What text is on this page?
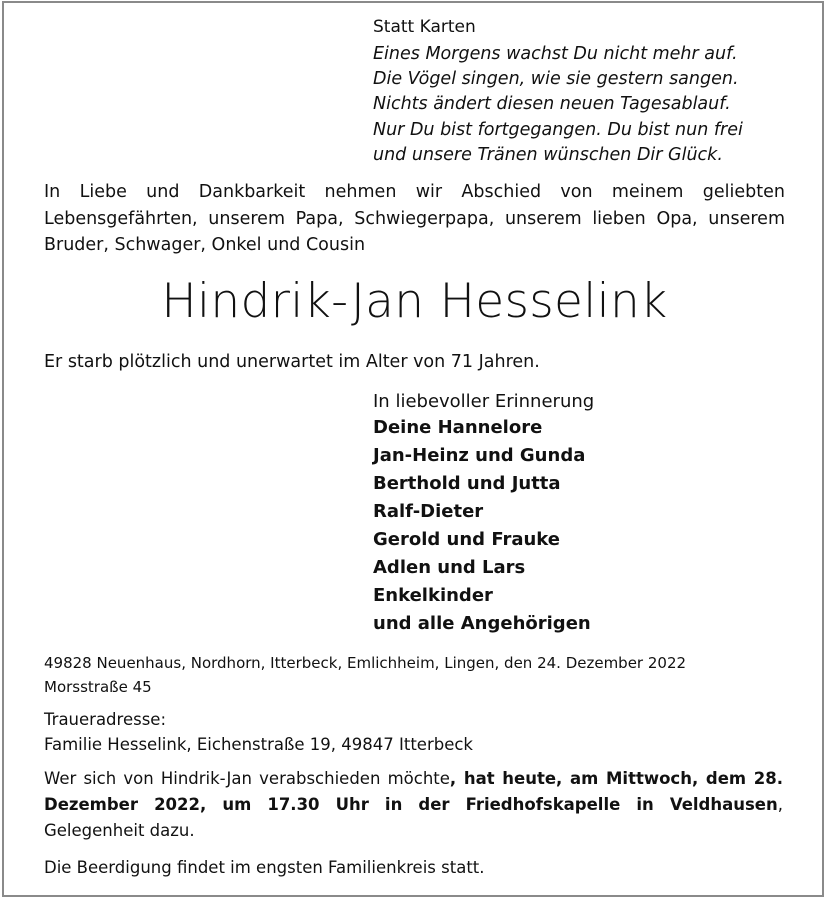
Statt Karten
Eines Morgens wachst Du nicht mehr auf.
Die Vögel singen, wie sie gestern sangen.
Nichts ändert diesen neuen Tagesablauf.
Nur Du bist fortgegangen. Du bist nun frei
und unsere Tränen wünschen Dir Glück.
In Liebe und Dankbarkeit nehmen wir Abschied von meinem geliebten Lebensgefährten, unserem Papa, Schwiegerpapa, unserem lieben Opa, unserem Bruder, Schwager, Onkel und Cousin
Hindrik-Jan Hesselink
Er starb plötzlich und unerwartet im Alter von 71 Jahren.
In liebevoller Erinnerung
Deine Hannelore
Jan-Heinz und Gunda
Berthold und Jutta
Ralf-Dieter
Gerold und Frauke
Adlen und Lars
Enkelkinder
und alle Angehörigen
49828 Neuenhaus, Nordhorn, Itterbeck, Emlichheim, Lingen, den 24. Dezember 2022
Morsstraße 45
Traueradresse:
Familie Hesselink, Eichenstraße 19, 49847 Itterbeck
Wer sich von Hindrik-Jan verabschieden möchte, hat heute, am Mittwoch, dem 28. Dezember 2022, um 17.30 Uhr in der Friedhofskapelle in Veldhausen, Gelegenheit dazu.
Die Beerdigung findet im engsten Familienkreis statt.
